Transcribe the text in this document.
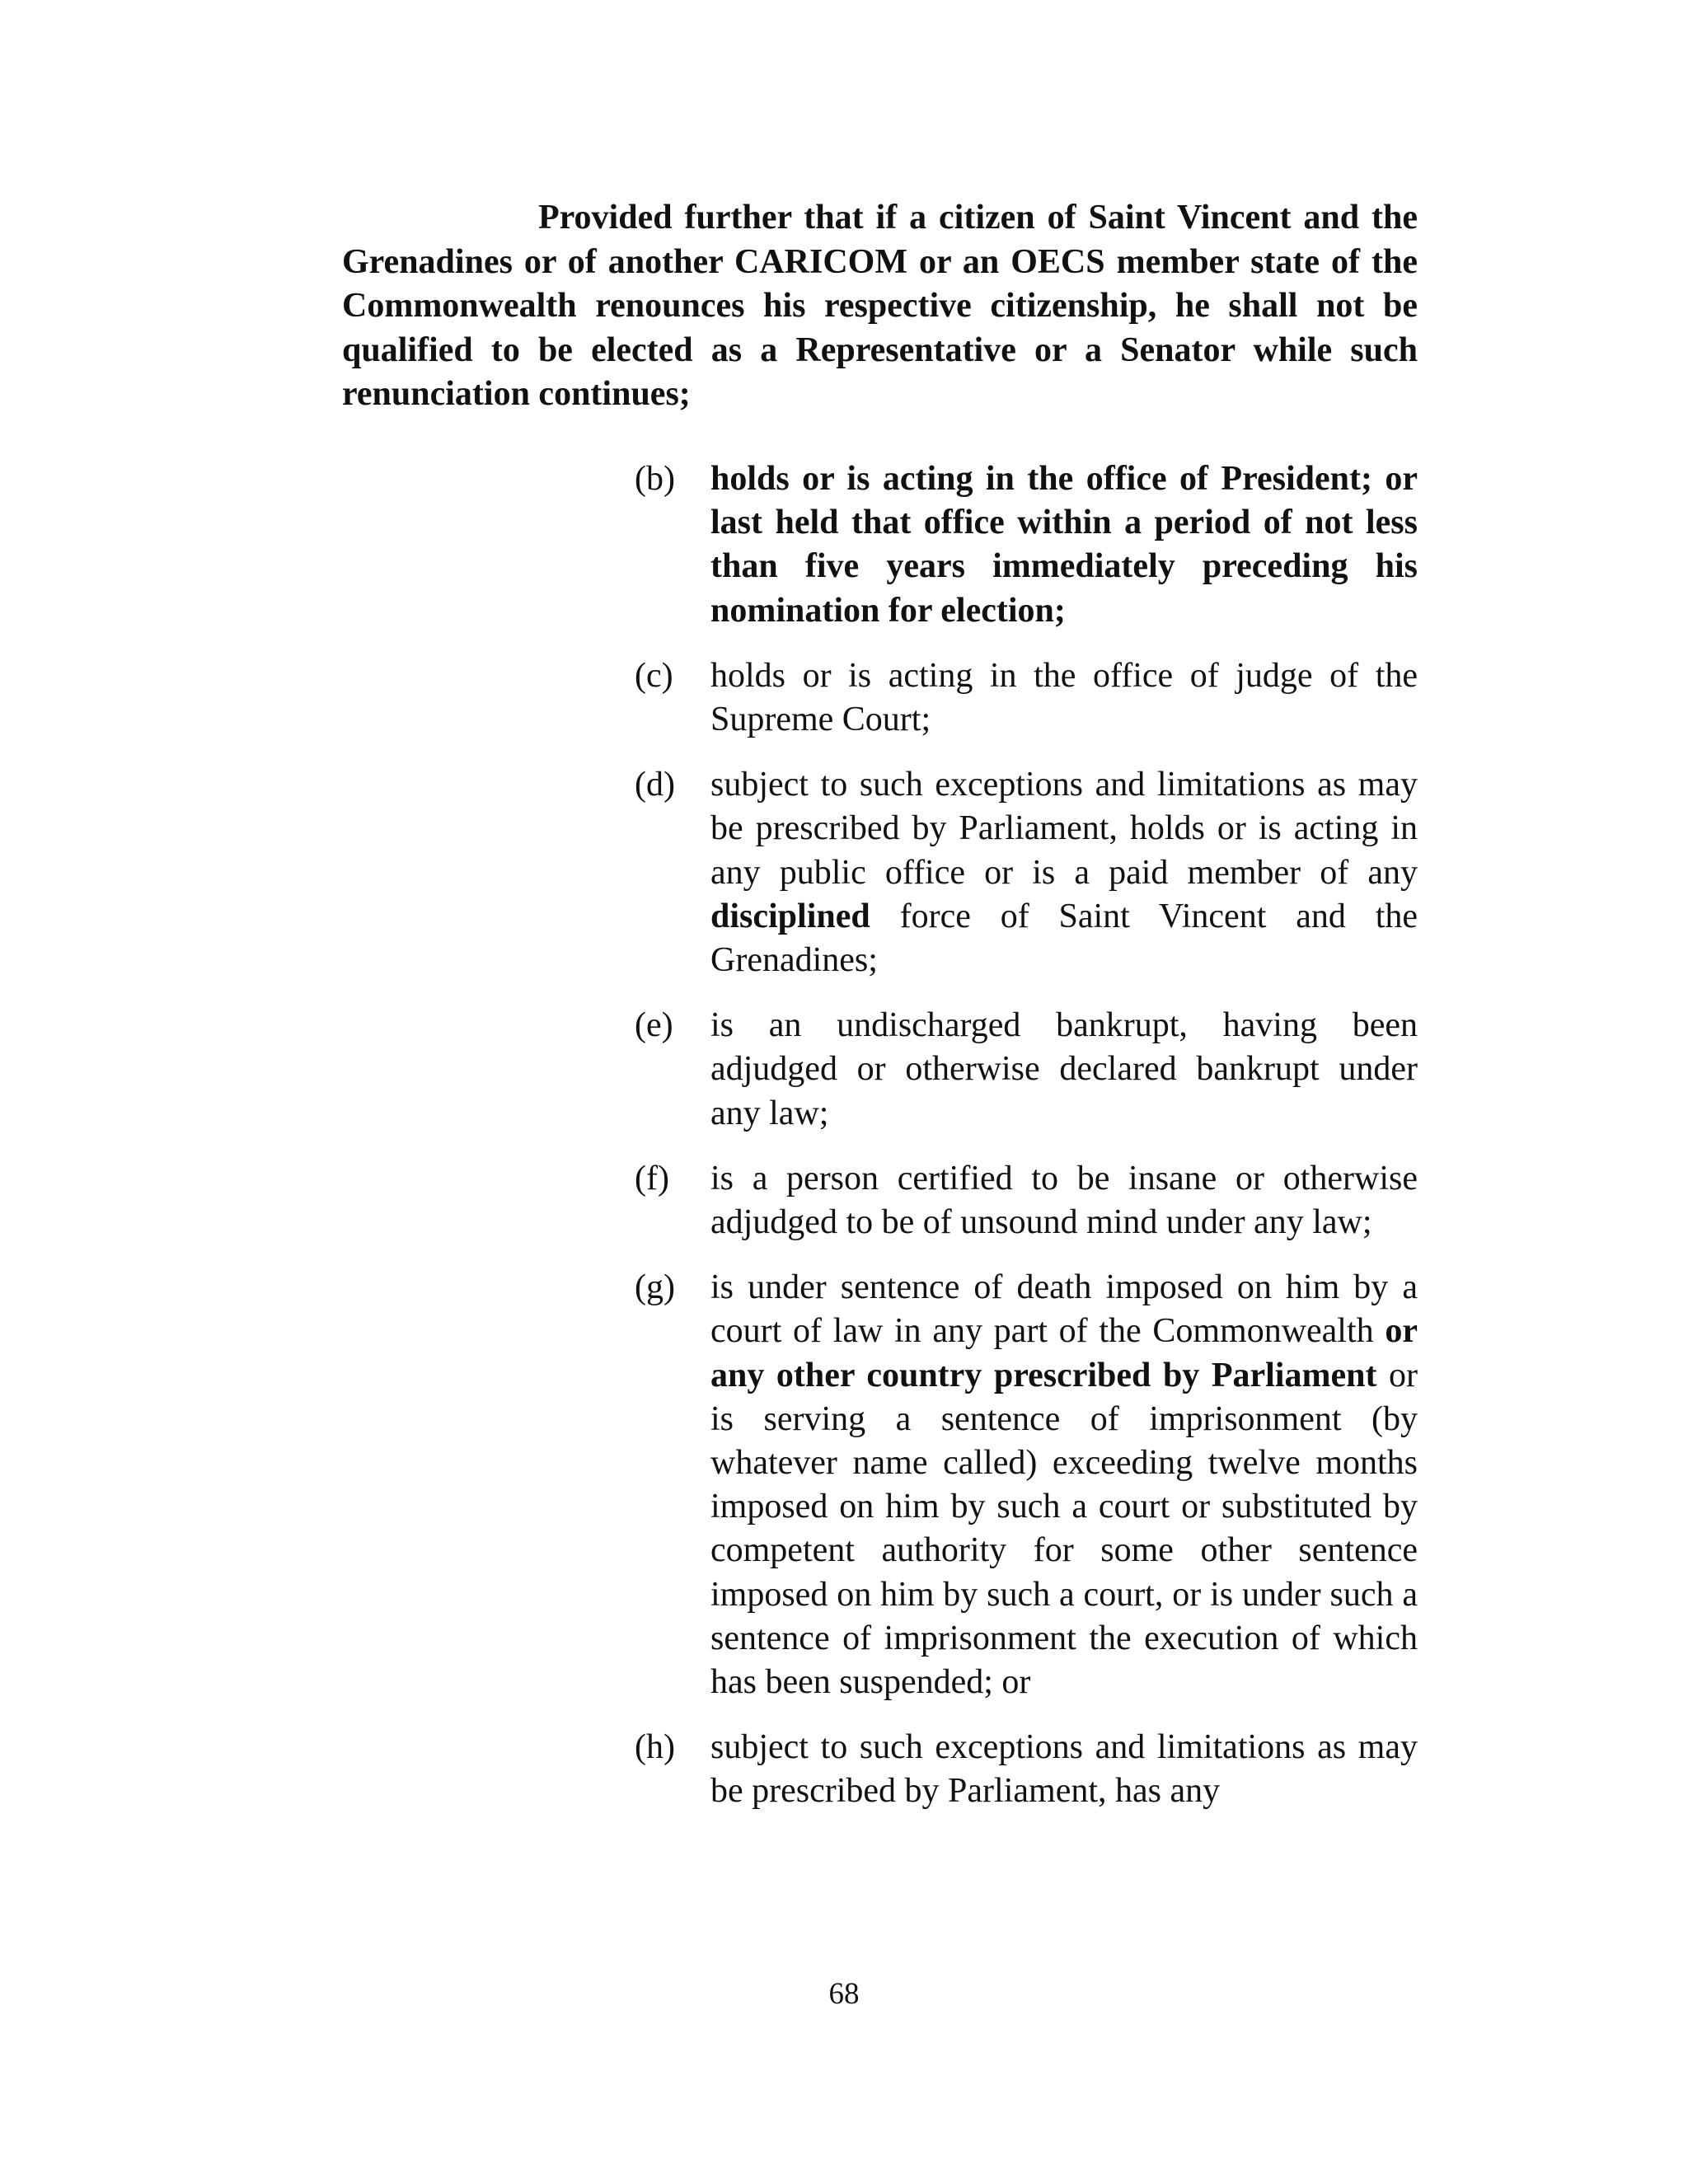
Provided further that if a citizen of Saint Vincent and the Grenadines or of another CARICOM or an OECS member state of the Commonwealth renounces his respective citizenship, he shall not be qualified to be elected as a Representative or a Senator while such renunciation continues;

(b)	holds or is acting in the office of President; or last held that office within a period of not less than five years immediately preceding his nomination for election;
(c)	holds or is acting in the office of judge of the Supreme Court;
(d)	subject to such exceptions and limitations as may be prescribed by Parliament, holds or is acting in any public office or is a paid member of any disciplined force of Saint Vincent and the Grenadines;
(e)	is an undischarged bankrupt, having been adjudged or otherwise declared bankrupt under any law;
(f)	is a person certified to be insane or otherwise adjudged to be of unsound mind under any law;
(g)	is under sentence of death imposed on him by a court of law in any part of the Commonwealth or any other country prescribed by Parliament or is serving a sentence of imprisonment (by whatever name called) exceeding twelve months imposed on him by such a court or substituted by competent authority for some other sentence imposed on him by such a court, or is under such a sentence of imprisonment the execution of which has been suspended; or
(h)	subject to such exceptions and limitations as may be prescribed by Parliament, has any
68
